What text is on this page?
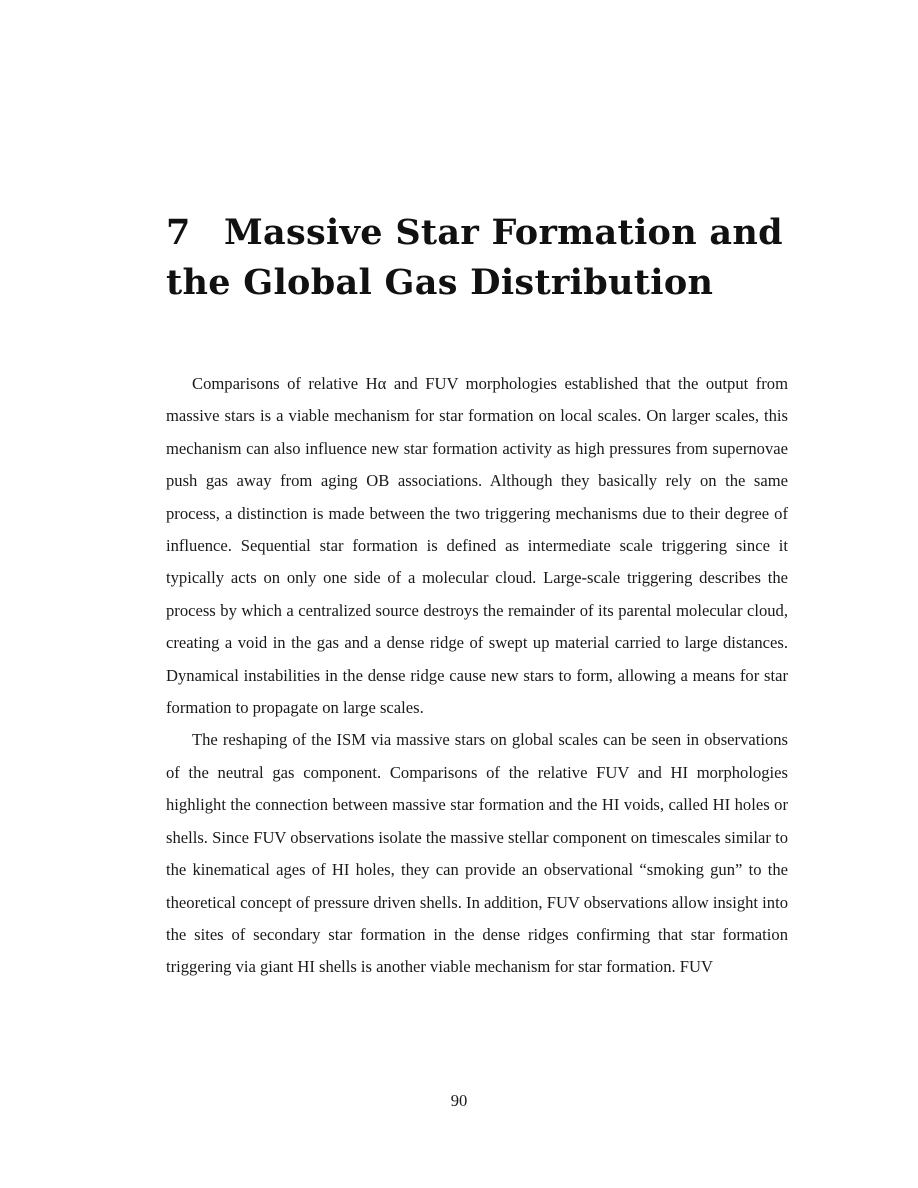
7 Massive Star Formation and
the Global Gas Distribution

Comparisons of relative Hα and FUV morphologies established that the output from massive stars is a viable mechanism for star formation on local scales. On larger scales, this mechanism can also influence new star formation activity as high pressures from supernovae push gas away from aging OB associations. Although they basically rely on the same process, a distinction is made between the two triggering mechanisms due to their degree of influence. Sequential star formation is defined as intermediate scale triggering since it typically acts on only one side of a molecular cloud. Large-scale triggering describes the process by which a centralized source destroys the remainder of its parental molecular cloud, creating a void in the gas and a dense ridge of swept up material carried to large distances. Dynamical instabilities in the dense ridge cause new stars to form, allowing a means for star formation to propagate on large scales.

The reshaping of the ISM via massive stars on global scales can be seen in observations of the neutral gas component. Comparisons of the relative FUV and HI morphologies highlight the connection between massive star formation and the HI voids, called HI holes or shells. Since FUV observations isolate the massive stellar component on timescales similar to the kinematical ages of HI holes, they can provide an observational “smoking gun” to the theoretical concept of pressure driven shells. In addition, FUV observations allow insight into the sites of secondary star formation in the dense ridges confirming that star formation triggering via giant HI shells is another viable mechanism for star formation. FUV

90
